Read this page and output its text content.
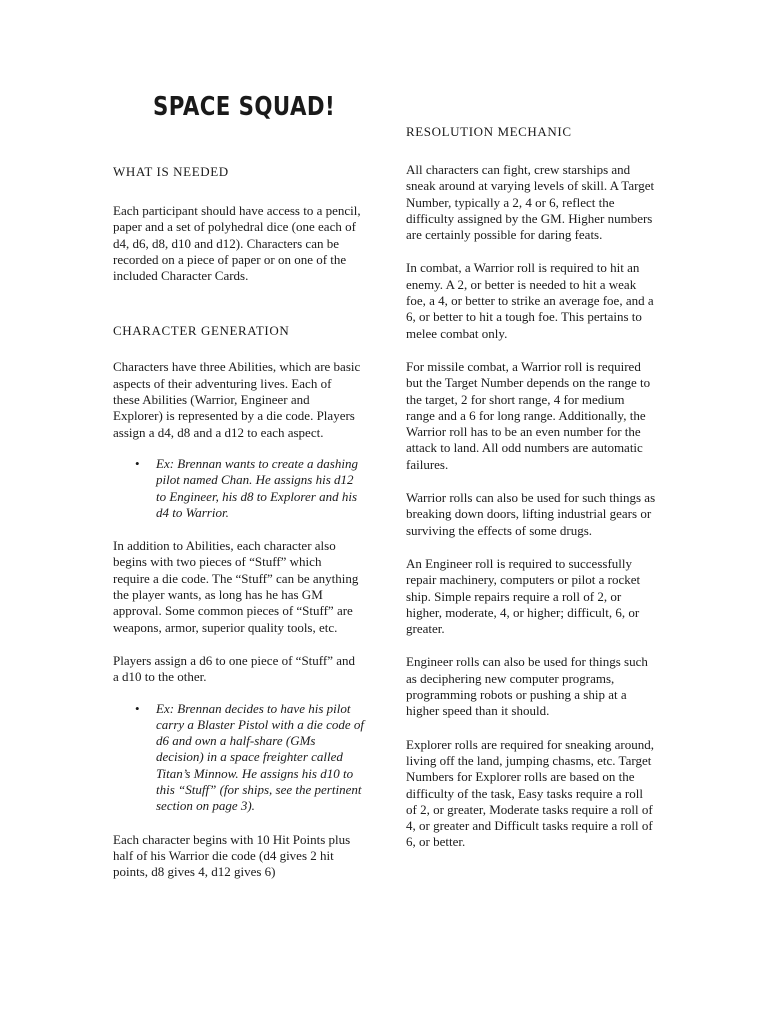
SPACE SQUAD!
WHAT IS NEEDED

Each participant should have access to a pencil, paper and a set of polyhedral dice (one each of d4, d6, d8, d10 and d12). Characters can be recorded on a piece of paper or on one of the included Character Cards.

CHARACTER GENERATION

Characters have three Abilities, which are basic aspects of their adventuring lives. Each of these Abilities (Warrior, Engineer and Explorer) is represented by a die code. Players assign a d4, d8 and a d12 to each aspect.

• Ex: Brennan wants to create a dashing pilot named Chan. He assigns his d12 to Engineer, his d8 to Explorer and his d4 to Warrior.

In addition to Abilities, each character also begins with two pieces of “Stuff” which require a die code. The “Stuff” can be anything the player wants, as long has he has GM approval. Some common pieces of “Stuff” are weapons, armor, superior quality tools, etc.

Players assign a d6 to one piece of “Stuff” and a d10 to the other.

• Ex: Brennan decides to have his pilot carry a Blaster Pistol with a die code of d6 and own a half-share (GMs decision) in a space freighter called Titan’s Minnow. He assigns his d10 to this “Stuff” (for ships, see the pertinent section on page 3).

Each character begins with 10 Hit Points plus half of his Warrior die code (d4 gives 2 hit points, d8 gives 4, d12 gives 6)

RESOLUTION MECHANIC

All characters can fight, crew starships and sneak around at varying levels of skill. A Target Number, typically a 2, 4 or 6, reflect the difficulty assigned by the GM. Higher numbers are certainly possible for daring feats.

In combat, a Warrior roll is required to hit an enemy. A 2, or better is needed to hit a weak foe, a 4, or better to strike an average foe, and a 6, or better to hit a tough foe. This pertains to melee combat only.

For missile combat, a Warrior roll is required but the Target Number depends on the range to the target, 2 for short range, 4 for medium range and a 6 for long range. Additionally, the Warrior roll has to be an even number for the attack to land. All odd numbers are automatic failures.

Warrior rolls can also be used for such things as breaking down doors, lifting industrial gears or surviving the effects of some drugs.

An Engineer roll is required to successfully repair machinery, computers or pilot a rocket ship. Simple repairs require a roll of 2, or higher, moderate, 4, or higher; difficult, 6, or greater.

Engineer rolls can also be used for things such as deciphering new computer programs, programming robots or pushing a ship at a higher speed than it should.

Explorer rolls are required for sneaking around, living off the land, jumping chasms, etc. Target Numbers for Explorer rolls are based on the difficulty of the task, Easy tasks require a roll of 2, or greater, Moderate tasks require a roll of 4, or greater and Difficult tasks require a roll of 6, or better.
